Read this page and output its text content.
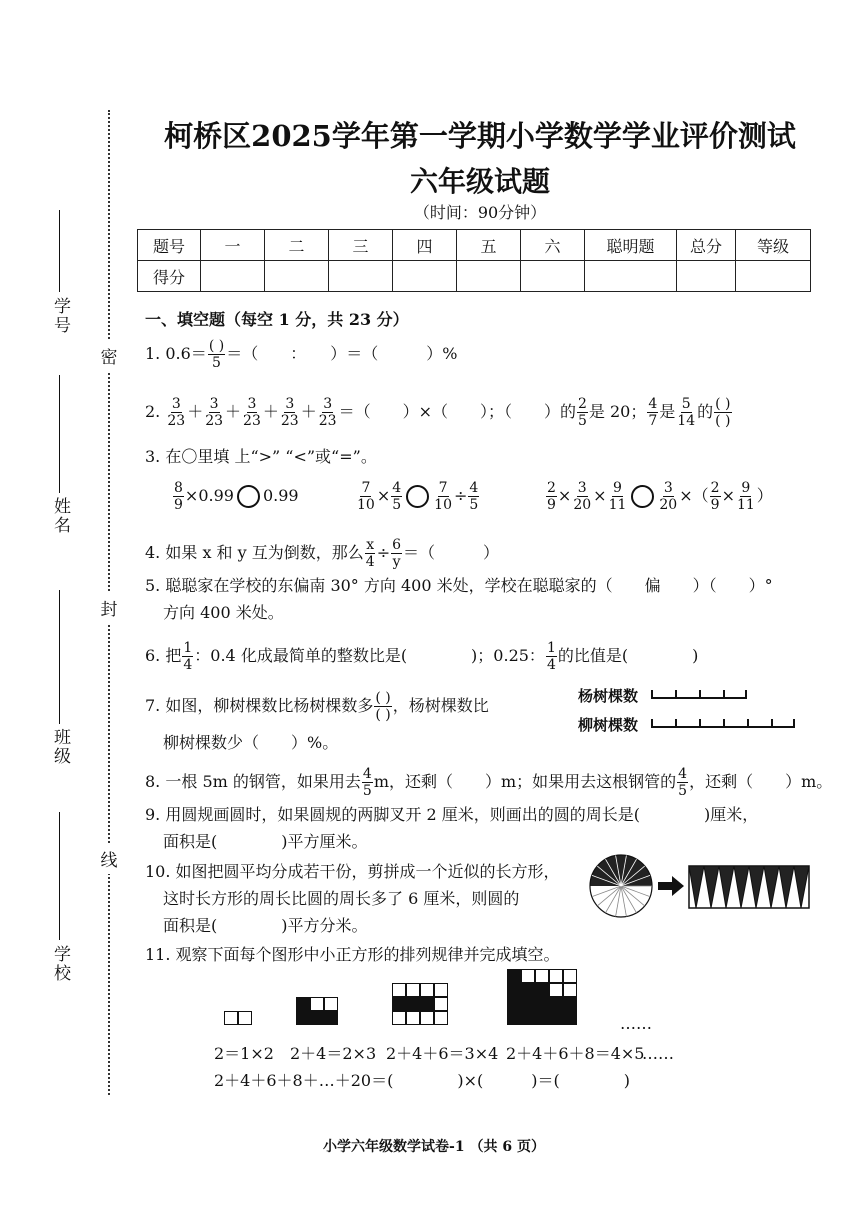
学号
姓名
班级
学校
密
封
线
柯桥区2025学年第一学期小学数学学业评价测试
六年级试题
（时间：90分钟）
题号	一	二	三	四	五	六	聪明题	总分	等级
得分									
一、填空题（每空 1 分，共 23 分）
1. $0.6= \frac{( )}{5}$ ＝（　　：　　）＝（　　　）%
2. $\frac{3}{23} + \frac{3}{23} + \frac{3}{23} + \frac{3}{23} + \frac{3}{23}$ ＝（　　）×（　　）；（　　）的 $\frac{2}{5}$ 是 20； $\frac{4}{7}$ 是 $\frac{5}{14}$ 的 $\frac{( )}{( )}$
3. 在〇里填 上“>” “<”或“=”。
$\frac{8}{9} \times 0.99$ 0.99	$\frac{7}{10} \times \frac{4}{5} \frac{7}{10} \div \frac{4}{5}$	$\frac{2}{9} \times \frac{3}{20} \times \frac{9}{11} \frac{3}{20}$ ×（ $\frac{2}{9} \times \frac{9}{11}$ ）
4. 如果 x 和 y 互为倒数，那么 $\frac{x}{4} \div \frac{6}{y}$ ＝（　　　）
5. 聪聪家在学校的东偏南 30° 方向 400 米处，学校在聪聪家的（　　偏　　）（　　）°
方向 400 米处。
6. 把 $\frac{1}{4}$ ：0.4 化成最简单的整数比是(　　　　)；0.25： $\frac{1}{4}$ 的比值是(　　　　)
7. 如图，柳树棵数比杨树棵数多 $\frac{( )}{( )}$ ，杨树棵数比
柳树棵数少（　　）%。
杨树棵数
柳树棵数
8. 一根 5m 的钢管，如果用去 $\frac{4}{5}$ m，还剩（　　）m；如果用去这根钢管的 $\frac{4}{5}$ ，还剩（　　）m。
9. 用圆规画圆时，如果圆规的两脚叉开 2 厘米，则画出的圆的周长是(　　　　)厘米，
面积是(　　　　)平方厘米。
10. 如图把圆平均分成若干份，剪拼成一个近似的长方形，
这时长方形的周长比圆的周长多了 6 厘米，则圆的
面积是(　　　　)平方分米。
11. 观察下面每个图形中小正方形的排列规律并完成填空。
……
2＝1×2 2＋4＝2×3 2＋4＋6＝3×4 2＋4＋6＋8＝4×5
……
2＋4＋6＋8＋…＋20＝(　　　　)×(　　　)＝(　　　　)
小学六年级数学试卷-1 （共 6 页）
